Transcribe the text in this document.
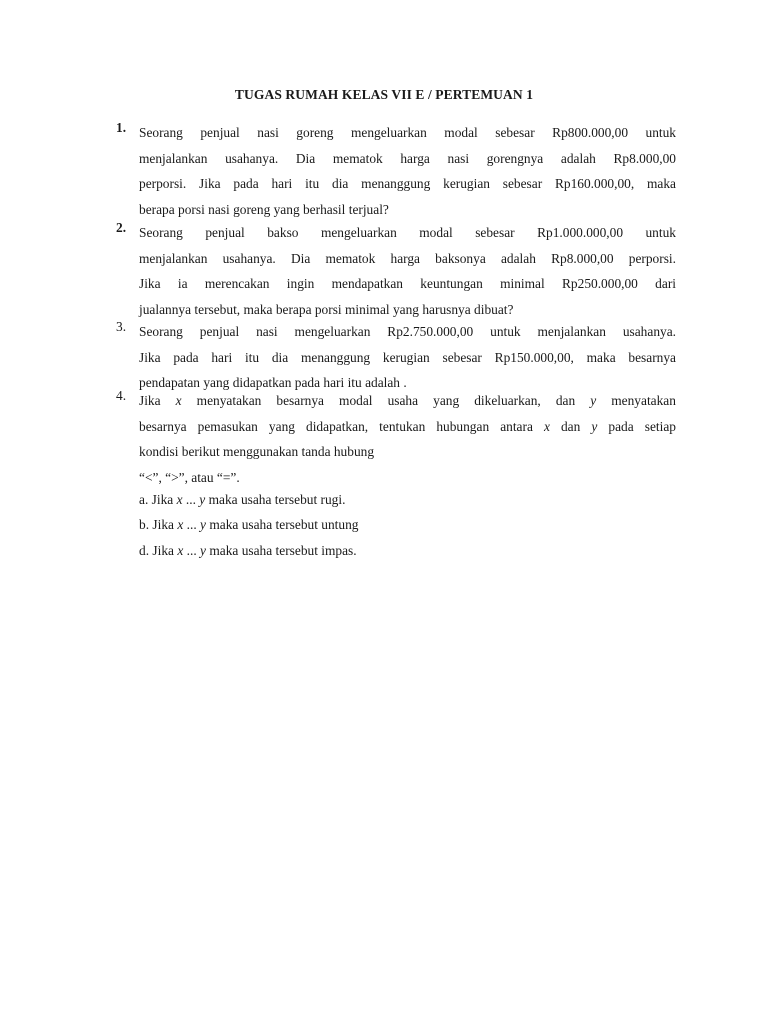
TUGAS RUMAH KELAS VII E / PERTEMUAN 1
1. Seorang penjual nasi goreng mengeluarkan modal sebesar Rp800.000,00 untuk
menjalankan usahanya. Dia mematok harga nasi gorengnya adalah Rp8.000,00
perporsi. Jika pada hari itu dia menanggung kerugian sebesar Rp160.000,00, maka
berapa porsi nasi goreng yang berhasil terjual?
2. Seorang penjual bakso mengeluarkan modal sebesar Rp1.000.000,00 untuk
menjalankan usahanya. Dia mematok harga baksonya adalah Rp8.000,00 perporsi.
Jika ia merencakan ingin mendapatkan keuntungan minimal Rp250.000,00 dari
jualannya tersebut, maka berapa porsi minimal yang harusnya dibuat?
3. Seorang penjual nasi mengeluarkan Rp2.750.000,00 untuk menjalankan usahanya.
Jika pada hari itu dia menanggung kerugian sebesar Rp150.000,00, maka besarnya
pendapatan yang didapatkan pada hari itu adalah .
4. Jika x menyatakan besarnya modal usaha yang dikeluarkan, dan y menyatakan
besarnya pemasukan yang didapatkan, tentukan hubungan antara x dan y pada setiap
kondisi berikut menggunakan tanda hubung
“<”, “>”, atau “=”.
a. Jika x ... y maka usaha tersebut rugi.
b. Jika x ... y maka usaha tersebut untung
d. Jika x ... y maka usaha tersebut impas.
